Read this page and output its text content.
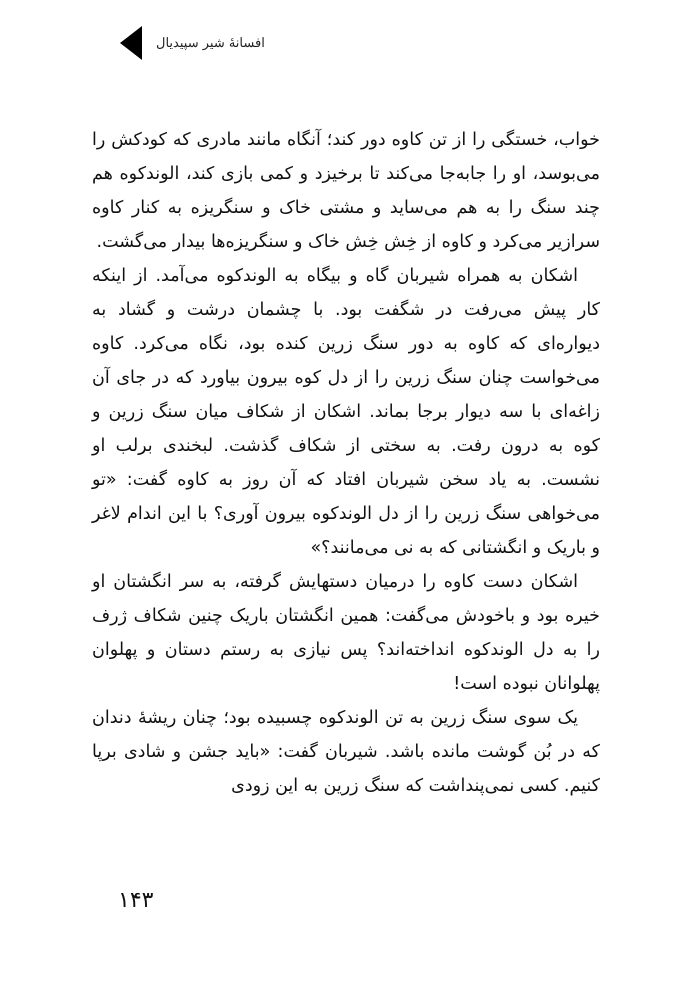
افسانهٔ شیر سپیدیال

خواب، خستگی را از تن کاوه دور کند؛ آنگاه مانند مادری که کودکش را می‌بوسد، او را جابه‌جا می‌کند تا برخیزد و کمی بازی کند، الوندکوه هم چند سنگ را به هم می‌ساید و مشتی خاک و سنگریزه به کنار کاوه سرازیر می‌کرد و کاوه از خِش خِش خاک و سنگریزه‌ها بیدار می‌گشت.

اشکان به همراه شیربان گاه و بیگاه به الوندکوه می‌آمد. از اینکه کار پیش می‌رفت در شگفت بود. با چشمان درشت و گشاد به دیواره‌ای که کاوه به دور سنگ زرین کنده بود، نگاه می‌کرد. کاوه می‌خواست چنان سنگ زرین را از دل کوه بیرون بیاورد که در جای آن زاغه‌ای با سه دیوار برجا بماند. اشکان از شکاف میان سنگ زرین و کوه به درون رفت. به سختی از شکاف گذشت. لبخندی برلب او نشست. به یاد سخن شیربان افتاد که آن روز به کاوه گفت: «تو می‌خواهی سنگ زرین را از دل الوندکوه بیرون آوری؟ با این اندام لاغر و باریک و انگشتانی که به نی می‌مانند؟»

اشکان دست کاوه را درمیان دستهایش گرفته، به سر انگشتان او خیره بود و باخودش می‌گفت: همین انگشتان باریک چنین شکاف ژرف را به دل الوندکوه انداخته‌اند؟ پس نیازی به رستم دستان و پهلوان پهلوانان نبوده است!

یک سوی سنگ زرین به تن الوندکوه چسبیده بود؛ چنان ریشهٔ دندان که در بُن گوشت مانده باشد. شیربان گفت: «باید جشن و شادی برپا کنیم. کسی نمی‌پنداشت که سنگ زرین به این زودی

۱۴۳
